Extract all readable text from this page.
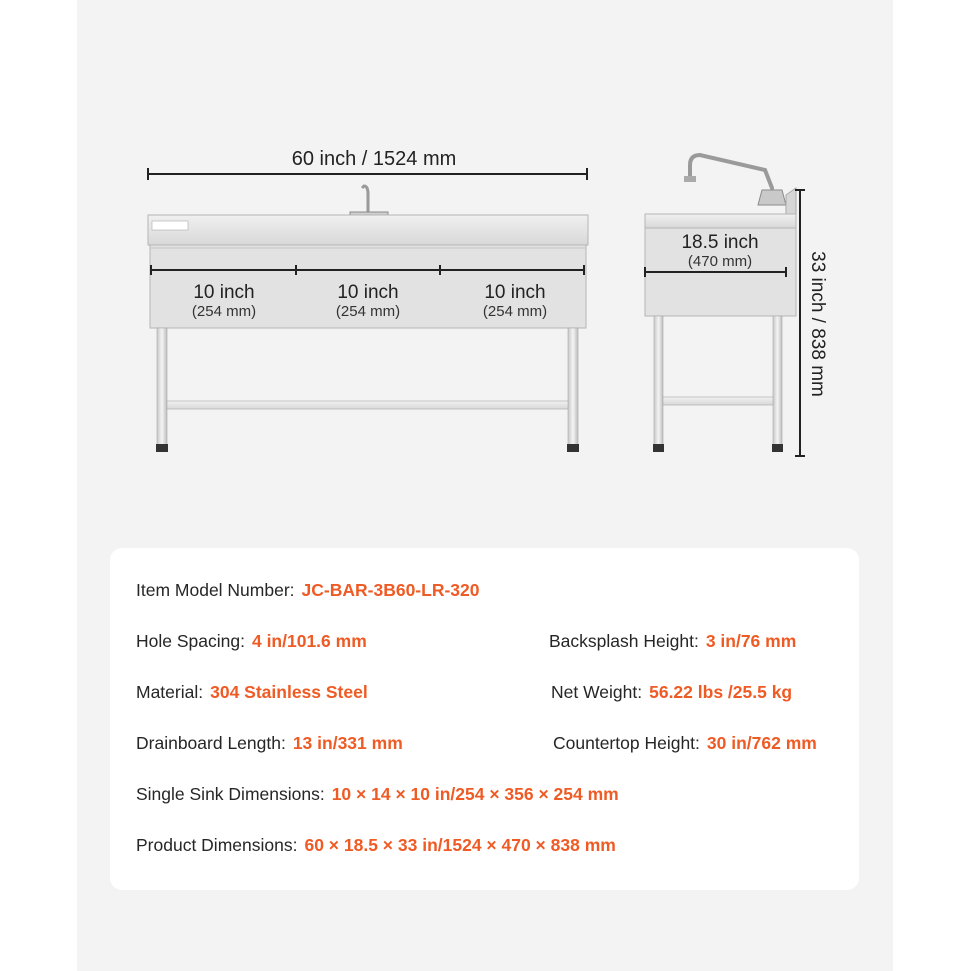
60 inch / 1524 mm
10 inch
(254 mm)
10 inch
(254 mm)
10 inch
(254 mm)
18.5 inch
(470 mm)	33 inch / 838 mm
Item Model Number: JC-BAR-3B60-LR-320
Hole Spacing: 4 in/101.6 mm	Backsplash Height: 3 in/76 mm
Material: 304 Stainless Steel	Net Weight: 56.22 lbs /25.5 kg
Drainboard Length: 13 in/331 mm	Countertop Height: 30 in/762 mm
Single Sink Dimensions: 10 × 14 × 10 in/254 × 356 × 254 mm
Product Dimensions: 60 × 18.5 × 33 in/1524 × 470 × 838 mm
